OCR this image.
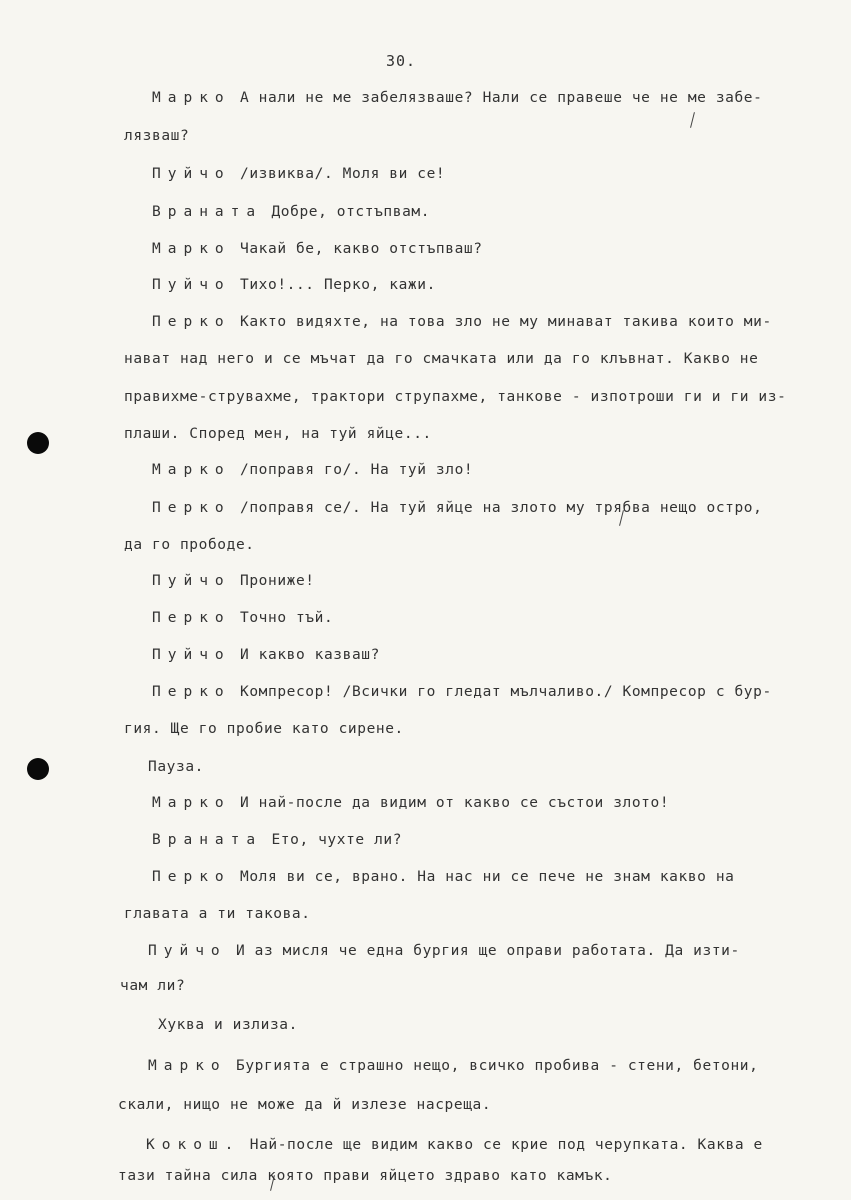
30.
Марко А нали не ме забелязваше? Нали се правеше че не ме забе-
лязваш?
Пуйчо /извиква/. Моля ви се!
Враната Добре, отстъпвам.
Марко Чакай бе, какво отстъпваш?
Пуйчо Тихо!... Перко, кажи.
Перко Както видяхте, на това зло не му минават такива които ми-
нават над него и се мъчат да го смачката или да го клъвнат. Какво не
правихме-струвахме, трактори струпахме, танкове - изпотроши ги и ги из-
плаши. Според мен, на туй яйце...
Марко /поправя го/. На туй зло!
Перко /поправя се/. На туй яйце на злото му трябва нещо остро,
да го прободе.
Пуйчо Прониже!
Перко Точно тъй.
Пуйчо И какво казваш?
Перко Компресор! /Всички го гледат мълчаливо./ Компресор с бур-
гия. Ще го пробие като сирене.
Пауза.
Марко И най-после да видим от какво се състои злото!
Враната Ето, чухте ли?
Перко Моля ви се, врано. На нас ни се пече не знам какво на
главата а ти такова.
Пуйчо И аз мисля че една бургия ще оправи работата. Да изти-
чам ли?
Хуква и излиза.
Марко Бургията е страшно нещо, всичко пробива - стени, бетони,
скали, нищо не може да й излезе насреща.
Кокош. Най-после ще видим какво се крие под черупката. Каква е
тази тайна сила която прави яйцето здраво като камък.
